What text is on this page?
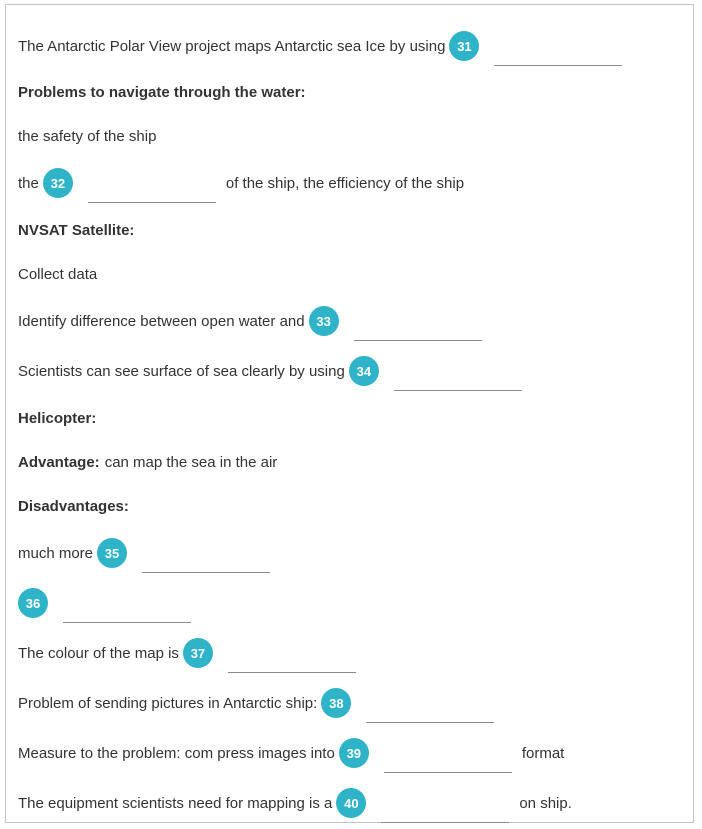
The Antarctic Polar View project maps Antarctic sea Ice by using 31
Problems to navigate through the water:
the safety of the ship
the 32	of the ship, the efficiency of the ship
NVSAT Satellite:
Collect data
Identify difference between open water and 33
Scientists can see surface of sea clearly by using 34
Helicopter:
Advantage: can map the sea in the air
Disadvantages:
much more 35
36
The colour of the map is 37
Problem of sending pictures in Antarctic ship: 38
Measure to the problem: com press images into 39	format
The equipment scientists need for mapping is a 40	on ship.
